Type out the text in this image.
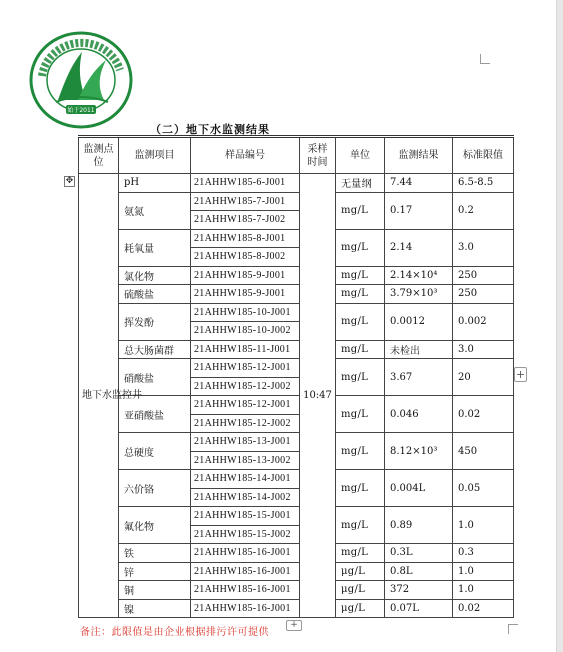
始于2011
（二）地下水监测结果
✥
监测点位	监测项目	样品编号	采样时间	单位	监测结果	标准限值
地下水监控井	pH	21AHHW185-6-J001	10:47	无量纲	7.44	6.5-8.5
	氨氮	21AHHW185-7-J001		mg/L	0.17	0.2
		21AHHW185-7-J002				
	耗氧量	21AHHW185-8-J001		mg/L	2.14	3.0
		21AHHW185-8-J002				
	氯化物	21AHHW185-9-J001		mg/L	2.14×10⁴	250
	硫酸盐	21AHHW185-9-J001		mg/L	3.79×10³	250
	挥发酚	21AHHW185-10-J001		mg/L	0.0012	0.002
		21AHHW185-10-J002				
	总大肠菌群	21AHHW185-11-J001		mg/L	未检出	3.0
	硝酸盐	21AHHW185-12-J001		mg/L	3.67	20
		21AHHW185-12-J002				
	亚硝酸盐	21AHHW185-12-J001		mg/L	0.046	0.02
		21AHHW185-12-J002				
	总硬度	21AHHW185-13-J001		mg/L	8.12×10³	450
		21AHHW185-13-J002				
	六价铬	21AHHW185-14-J001		mg/L	0.004L	0.05
		21AHHW185-14-J002				
	氟化物	21AHHW185-15-J001		mg/L	0.89	1.0
		21AHHW185-15-J002				
	铁	21AHHW185-16-J001		mg/L	0.3L	0.3
	锌	21AHHW185-16-J001		μg/L	0.8L	1.0
	铜	21AHHW185-16-J001		μg/L	372	1.0
	镍	21AHHW185-16-J001		μg/L	0.07L	0.02
+
+
备注：此限值是由企业根据排污许可提供
